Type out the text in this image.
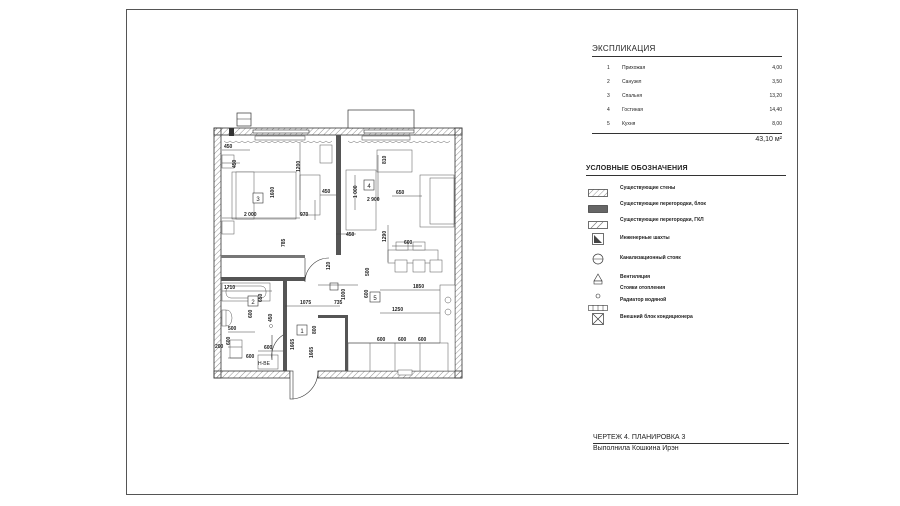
3
4
2
1
5
450
450	1200
1600
970
2 000
450
785
1 000
2 900
810
650
1290
600
500
450
1850
1250
1710
600
1075	735
120
1000	600
450
650
500
600
600
200	1665
1665
800
600	600 600
600
Н-ВЕ
ЭКСПЛИКАЦИЯ
1 Прихожая	4,00
2 Санузел	3,50
3 Спальня	13,20
4 Гостиная	14,40
5 Кухня	8,00
43,10 м²
УСЛОВНЫЕ ОБОЗНАЧЕНИЯ
Существующие стены
Существующие перегородки, блок
Существующие перегородки, ГКЛ
Инженерные шахты
Канализационный стояк
Вентиляция
Стояки отопления
Радиатор водяной
Внешний блок кондиционера
ЧЕРТЕЖ 4. ПЛАНИРОВКА 3
Выполнила Кошкина Ирэн
